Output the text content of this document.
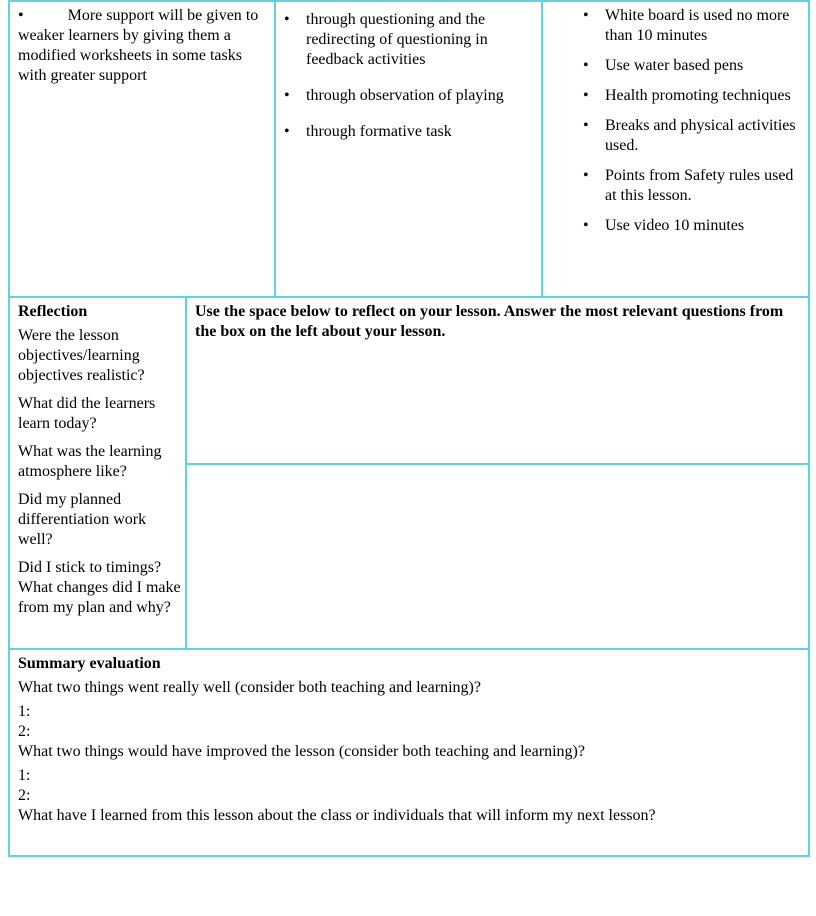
•	More support will be given to weaker learners by giving them a modified worksheets in some tasks with greater support

• through questioning and the redirecting of questioning in feedback activities
• through observation of playing
• through formative task
• White board is used no more than 10 minutes
• Use water based pens
• Health promoting techniques
• Breaks and physical activities used.
• Points from Safety rules used at this lesson.
• Use video 10 minutes

Reflection

Were the lesson objectives/learning objectives realistic?

What did the learners learn today?

What was the learning atmosphere like?

Did my planned differentiation work well?

Did I stick to timings? What changes did I make from my plan and why?

Use the space below to reflect on your lesson. Answer the most relevant questions from the box on the left about your lesson.

Summary evaluation

What two things went really well (consider both teaching and learning)?

1:

2:

What two things would have improved the lesson (consider both teaching and learning)?

1:

2:

What have I learned from this lesson about the class or individuals that will inform my next lesson?
